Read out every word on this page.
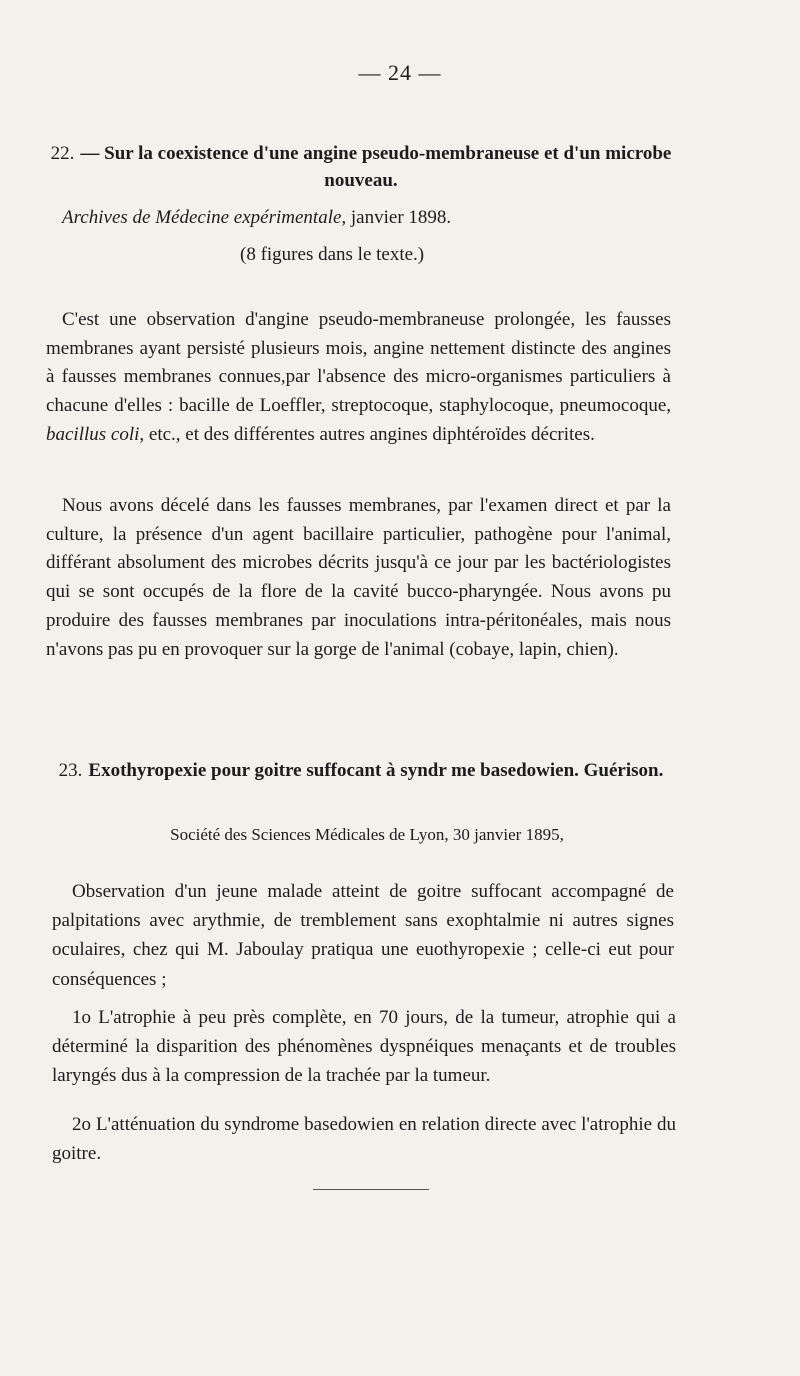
— 24 —
22. — Sur la coexistence d'une angine pseudo-membraneuse et d'un microbe nouveau.
Archives de Médecine expérimentale, janvier 1898.
(8 figures dans le texte.)

C'est une observation d'angine pseudo-membraneuse prolongée, les fausses membranes ayant persisté plusieurs mois, angine nettement distincte des angines à fausses membranes connues,par l'absence des micro-organismes particuliers à chacune d'elles : bacille de Loeffler, streptocoque, staphylocoque, pneumocoque, bacillus coli, etc., et des différentes autres angines diphtéroïdes décrites.

Nous avons décelé dans les fausses membranes, par l'examen direct et par la culture, la présence d'un agent bacillaire particulier, pathogène pour l'animal, différant absolument des microbes décrits jusqu'à ce jour par les bactériologistes qui se sont occupés de la flore de la cavité bucco-pharyngée. Nous avons pu produire des fausses membranes par inoculations intra-péritonéales, mais nous n'avons pas pu en provoquer sur la gorge de l'animal (cobaye, lapin, chien).

23. Exothyropexie pour goitre suffocant à syndr me basedowien. Guérison.
Société des Sciences Médicales de Lyon, 30 janvier 1895,

Observation d'un jeune malade atteint de goitre suffocant accompagné de palpitations avec arythmie, de tremblement sans exophtalmie ni autres signes oculaires, chez qui M. Jaboulay pratiqua une euothyropexie ; celle-ci eut pour conséquences ;

1o L'atrophie à peu près complète, en 70 jours, de la tumeur, atrophie qui a déterminé la disparition des phénomènes dyspnéiques menaçants et de troubles laryngés dus à la compression de la trachée par la tumeur.

2o L'atténuation du syndrome basedowien en relation directe avec l'atrophie du goitre.
